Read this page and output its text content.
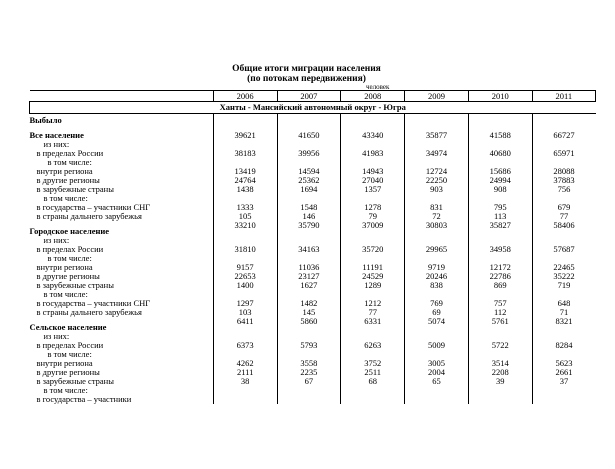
Общие итоги миграции населения
(по потокам передвижения)
человек
	2006	2007	2008	2009	2010	2011
Ханты - Мансийский автономный округ - Югра						
Выбыло						
Все население	39621	41650	43340	35877	41588	66727
из них:						
в пределах России	38183	39956	41983	34974	40680	65971
в том числе:						
внутри региона	13419	14594	14943	12724	15686	28088
в другие регионы	24764	25362	27040	22250	24994	37883
в зарубежные страны	1438	1694	1357	903	908	756
в том числе:						
в государства – участники СНГ	1333	1548	1278	831	795	679
в страны дальнего зарубежья	105	146	79	72	113	77
Городское население	33210	35790	37009	30803	35827	58406
из них:						
в пределах России	31810	34163	35720	29965	34958	57687
в том числе:						
внутри региона	9157	11036	11191	9719	12172	22465
в другие регионы	22653	23127	24529	20246	22786	35222
в зарубежные страны	1400	1627	1289	838	869	719
в том числе:						
в государства – участники СНГ	1297	1482	1212	769	757	648
в страны дальнего зарубежья	103	145	77	69	112	71
Сельское население	6411	5860	6331	5074	5761	8321
из них:						
в пределах России	6373	5793	6263	5009	5722	8284
в том числе:						
внутри региона	4262	3558	3752	3005	3514	5623
в другие регионы	2111	2235	2511	2004	2208	2661
в зарубежные страны	38	67	68	65	39	37
в том числе:						
в государства – участники						
